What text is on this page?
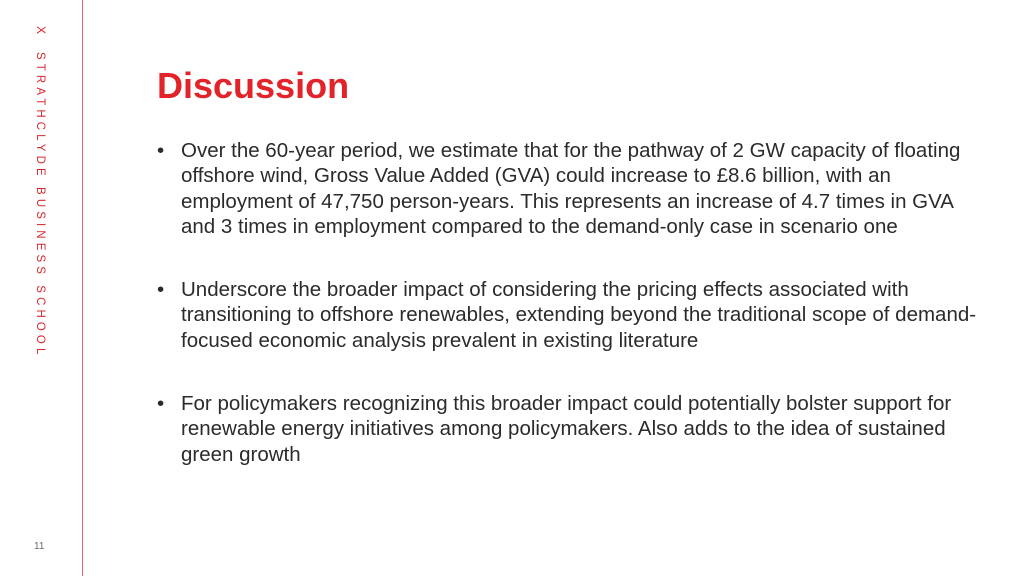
XSTRATHCLYDE BUSINESS SCHOOL
11
Discussion
• Over the 60-year period, we estimate that for the pathway of 2 GW capacity of floating offshore wind, Gross Value Added (GVA) could increase to £8.6 billion, with an employment of 47,750 person-years. This represents an increase of 4.7 times in GVA and 3 times in employment compared to the demand-only case in scenario one
• Underscore the broader impact of considering the pricing effects associated with transitioning to offshore renewables, extending beyond the traditional scope of demand-focused economic analysis prevalent in existing literature
• For policymakers recognizing this broader impact could potentially bolster support for renewable energy initiatives among policymakers. Also adds to the idea of sustained green growth
